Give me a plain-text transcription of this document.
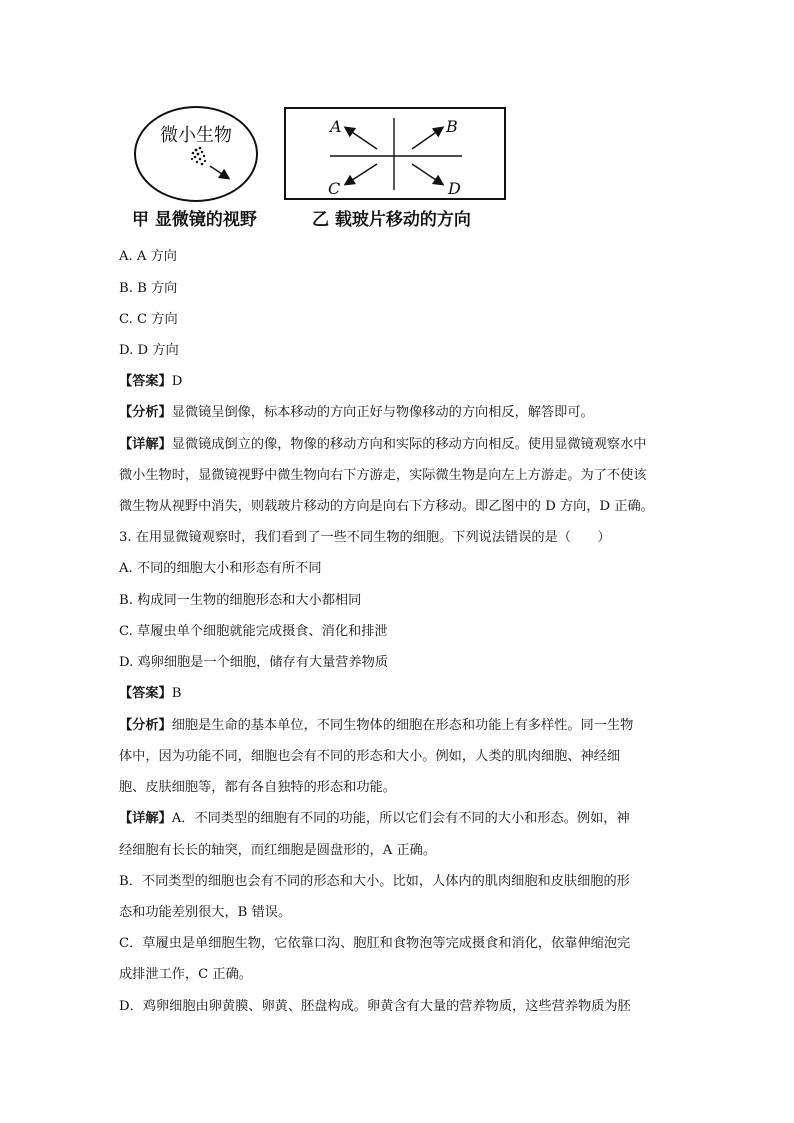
微小生物	A	B
C	D
甲 显微镜的视野	乙 载玻片移动的方向
A. A 方向
B. B 方向
C. C 方向
D. D 方向
【答案】D
【分析】显微镜呈倒像，标本移动的方向正好与物像移动的方向相反，解答即可。
【详解】显微镜成倒立的像，物像的移动方向和实际的移动方向相反。使用显微镜观察水中
微小生物时，显微镜视野中微生物向右下方游走，实际微生物是向左上方游走。为了不使该
微生物从视野中消失，则载玻片移动的方向是向右下方移动。即乙图中的 D 方向，D 正确。
3. 在用显微镜观察时，我们看到了一些不同生物的细胞。下列说法错误的是（　　）
A. 不同的细胞大小和形态有所不同
B. 构成同一生物的细胞形态和大小都相同
C. 草履虫单个细胞就能完成摄食、消化和排泄
D. 鸡卵细胞是一个细胞，储存有大量营养物质
【答案】B
【分析】细胞是生命的基本单位，不同生物体的细胞在形态和功能上有多样性。同一生物
体中，因为功能不同，细胞也会有不同的形态和大小。例如，人类的肌肉细胞、神经细
胞、皮肤细胞等，都有各自独特的形态和功能。
【详解】A．不同类型的细胞有不同的功能，所以它们会有不同的大小和形态。例如，神
经细胞有长长的轴突，而红细胞是圆盘形的，A 正确。
B．不同类型的细胞也会有不同的形态和大小。比如，人体内的肌肉细胞和皮肤细胞的形
态和功能差别很大，B 错误。
C．草履虫是单细胞生物，它依靠口沟、胞肛和食物泡等完成摄食和消化，依靠伸缩泡完
成排泄工作，C 正确。
D．鸡卵细胞由卵黄膜、卵黄、胚盘构成。卵黄含有大量的营养物质，这些营养物质为胚
